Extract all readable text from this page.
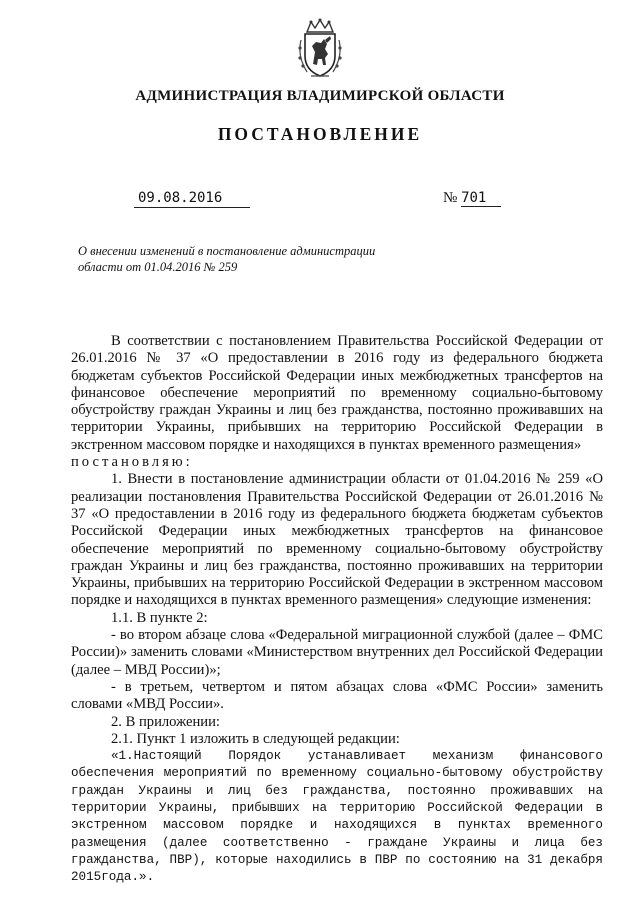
АДМИНИСТРАЦИЯ ВЛАДИМИРСКОЙ ОБЛАСТИ
ПОСТАНОВЛЕНИЕ
09.08.2016	№ 701
О внесении изменений в постановление администрации
области от 01.04.2016 № 259

В соответствии с постановлением Правительства Российской Федерации от 26.01.2016 № 37 «О предоставлении в 2016 году из федерального бюджета бюджетам субъектов Российской Федерации иных межбюджетных трансфертов на финансовое обеспечение мероприятий по временному социально-бытовому обустройству граждан Украины и лиц без гражданства, постоянно проживавших на территории Украины, прибывших на территорию Российской Федерации в экстренном массовом порядке и находящихся в пунктах временного размещения»

постановляю:

1. Внести в постановление администрации области от 01.04.2016 № 259 «О реализации постановления Правительства Российской Федерации от 26.01.2016 № 37 «О предоставлении в 2016 году из федерального бюджета бюджетам субъектов Российской Федерации иных межбюджетных трансфертов на финансовое обеспечение мероприятий по временному социально-бытовому обустройству граждан Украины и лиц без гражданства, постоянно проживавших на территории Украины, прибывших на территорию Российской Федерации в экстренном массовом порядке и находящихся в пунктах временного размещения» следующие изменения:

1.1. В пункте 2:

- во втором абзаце слова «Федеральной миграционной службой (далее – ФМС России)» заменить словами «Министерством внутренних дел Российской Федерации (далее – МВД России)»;

- в третьем, четвертом и пятом абзацах слова «ФМС России» заменить словами «МВД России».

2. В приложении:

2.1. Пункт 1 изложить в следующей редакции:

«1.Настоящий Порядок устанавливает механизм финансового обеспечения мероприятий по временному социально-бытовому обустройству граждан Украины и лиц без гражданства, постоянно проживавших на территории Украины, прибывших на территорию Российской Федерации в экстренном массовом порядке и находящихся в пунктах временного размещения (далее соответственно - граждане Украины и лица без гражданства, ПВР), которые находились в ПВР по состоянию на 31 декабря 2015года.».
